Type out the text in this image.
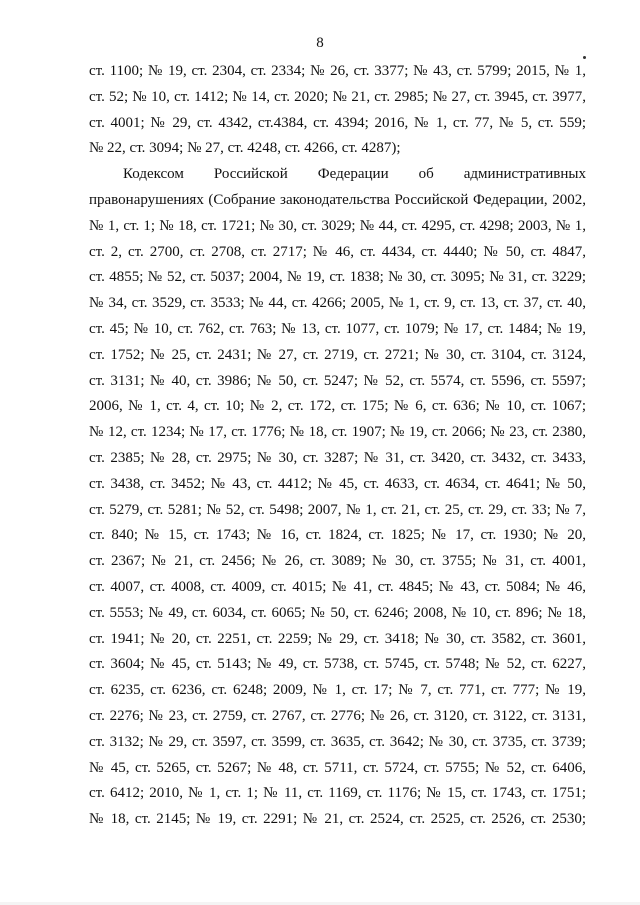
8
ст. 1100; № 19, ст. 2304, ст. 2334; № 26, ст. 3377; № 43, ст. 5799; 2015, № 1,
ст. 52; № 10, ст. 1412; № 14, ст. 2020; № 21, ст. 2985; № 27, ст. 3945, ст. 3977,
ст. 4001; № 29, ст. 4342, ст.4384, ст. 4394; 2016, № 1, ст. 77, № 5, ст. 559;
№ 22, ст. 3094; № 27, ст. 4248, ст. 4266, ст. 4287);
Кодексом Российской Федерации об административных
правонарушениях (Собрание законодательства Российской Федерации, 2002,
№ 1, ст. 1; № 18, ст. 1721; № 30, ст. 3029; № 44, ст. 4295, ст. 4298; 2003, № 1,
ст. 2, ст. 2700, ст. 2708, ст. 2717; № 46, ст. 4434, ст. 4440; № 50, ст. 4847,
ст. 4855; № 52, ст. 5037; 2004, № 19, ст. 1838; № 30, ст. 3095; № 31, ст. 3229;
№ 34, ст. 3529, ст. 3533; № 44, ст. 4266; 2005, № 1, ст. 9, ст. 13, ст. 37, ст. 40,
ст. 45; № 10, ст. 762, ст. 763; № 13, ст. 1077, ст. 1079; № 17, ст. 1484; № 19,
ст. 1752; № 25, ст. 2431; № 27, ст. 2719, ст. 2721; № 30, ст. 3104, ст. 3124,
ст. 3131; № 40, ст. 3986; № 50, ст. 5247; № 52, ст. 5574, ст. 5596, ст. 5597;
2006, № 1, ст. 4, ст. 10; № 2, ст. 172, ст. 175; № 6, ст. 636; № 10, ст. 1067;
№ 12, ст. 1234; № 17, ст. 1776; № 18, ст. 1907; № 19, ст. 2066; № 23, ст. 2380,
ст. 2385; № 28, ст. 2975; № 30, ст. 3287; № 31, ст. 3420, ст. 3432, ст. 3433,
ст. 3438, ст. 3452; № 43, ст. 4412; № 45, ст. 4633, ст. 4634, ст. 4641; № 50,
ст. 5279, ст. 5281; № 52, ст. 5498; 2007, № 1, ст. 21, ст. 25, ст. 29, ст. 33; № 7,
ст. 840; № 15, ст. 1743; № 16, ст. 1824, ст. 1825; № 17, ст. 1930; № 20,
ст. 2367; № 21, ст. 2456; № 26, ст. 3089; № 30, ст. 3755; № 31, ст. 4001,
ст. 4007, ст. 4008, ст. 4009, ст. 4015; № 41, ст. 4845; № 43, ст. 5084; № 46,
ст. 5553; № 49, ст. 6034, ст. 6065; № 50, ст. 6246; 2008, № 10, ст. 896; № 18,
ст. 1941; № 20, ст. 2251, ст. 2259; № 29, ст. 3418; № 30, ст. 3582, ст. 3601,
ст. 3604; № 45, ст. 5143; № 49, ст. 5738, ст. 5745, ст. 5748; № 52, ст. 6227,
ст. 6235, ст. 6236, ст. 6248; 2009, № 1, ст. 17; № 7, ст. 771, ст. 777; № 19,
ст. 2276; № 23, ст. 2759, ст. 2767, ст. 2776; № 26, ст. 3120, ст. 3122, ст. 3131,
ст. 3132; № 29, ст. 3597, ст. 3599, ст. 3635, ст. 3642; № 30, ст. 3735, ст. 3739;
№ 45, ст. 5265, ст. 5267; № 48, ст. 5711, ст. 5724, ст. 5755; № 52, ст. 6406,
ст. 6412; 2010, № 1, ст. 1; № 11, ст. 1169, ст. 1176; № 15, ст. 1743, ст. 1751;
№ 18, ст. 2145; № 19, ст. 2291; № 21, ст. 2524, ст. 2525, ст. 2526, ст. 2530;
